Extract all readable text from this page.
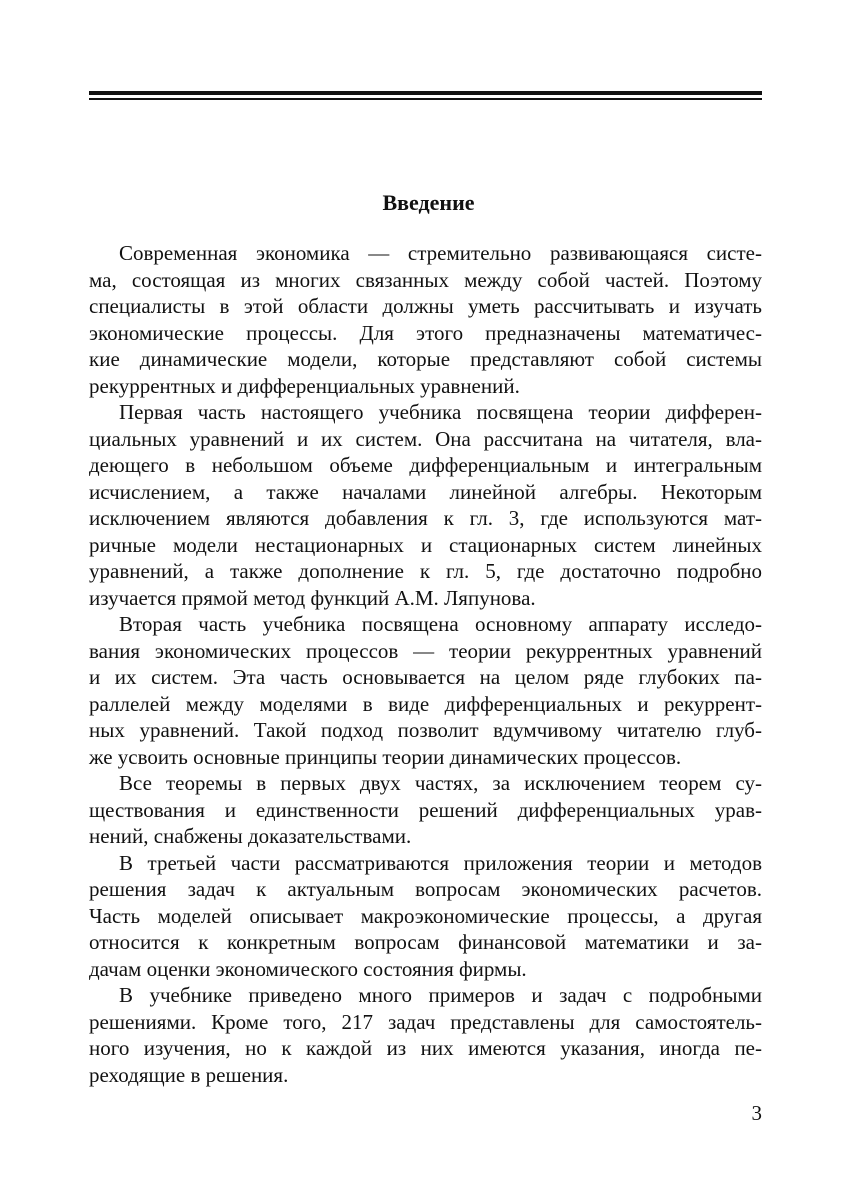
Введение
Современная экономика — стремительно развивающаяся систе-
ма, состоящая из многих связанных между собой частей. Поэтому
специалисты в этой области должны уметь рассчитывать и изучать
экономические процессы. Для этого предназначены математичес-
кие динамические модели, которые представляют собой системы
рекуррентных и дифференциальных уравнений.
Первая часть настоящего учебника посвящена теории дифферен-
циальных уравнений и их систем. Она рассчитана на читателя, вла-
деющего в небольшом объеме дифференциальным и интегральным
исчислением, а также началами линейной алгебры. Некоторым
исключением являются добавления к гл. 3, где используются мат-
ричные модели нестационарных и стационарных систем линейных
уравнений, а также дополнение к гл. 5, где достаточно подробно
изучается прямой метод функций А.М. Ляпунова.
Вторая часть учебника посвящена основному аппарату исследо-
вания экономических процессов — теории рекуррентных уравнений
и их систем. Эта часть основывается на целом ряде глубоких па-
раллелей между моделями в виде дифференциальных и рекуррент-
ных уравнений. Такой подход позволит вдумчивому читателю глуб-
же усвоить основные принципы теории динамических процессов.
Все теоремы в первых двух частях, за исключением теорем су-
ществования и единственности решений дифференциальных урав-
нений, снабжены доказательствами.
В третьей части рассматриваются приложения теории и методов
решения задач к актуальным вопросам экономических расчетов.
Часть моделей описывает макроэкономические процессы, а другая
относится к конкретным вопросам финансовой математики и за-
дачам оценки экономического состояния фирмы.
В учебнике приведено много примеров и задач с подробными
решениями. Кроме того, 217 задач представлены для самостоятель-
ного изучения, но к каждой из них имеются указания, иногда пе-
реходящие в решения.
3
